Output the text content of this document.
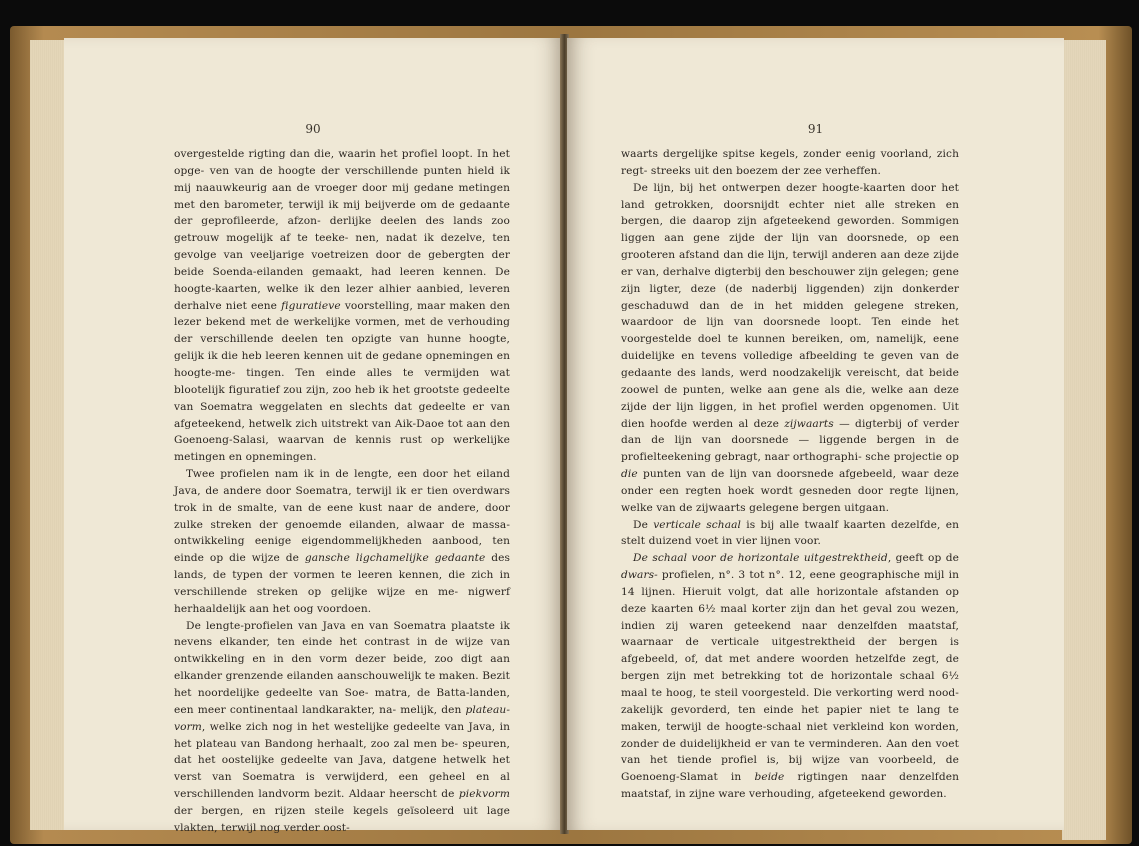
90

overgestelde rigting dan die, waarin het profiel loopt. In het opge- ven van de hoogte der verschillende punten hield ik mij naauwkeurig aan de vroeger door mij gedane metingen met den barometer, terwijl ik mij beijverde om de gedaante der geprofileerde, afzon- derlijke deelen des lands zoo getrouw mogelijk af te teeke- nen, nadat ik dezelve, ten gevolge van veeljarige voetreizen door de gebergten der beide Soenda-eilanden gemaakt, had leeren kennen. De hoogte-kaarten, welke ik den lezer alhier aanbied, leveren derhalve niet eene figuratieve voorstelling, maar maken den lezer bekend met de werkelijke vormen, met de verhouding der verschillende deelen ten opzigte van hunne hoogte, gelijk ik die heb leeren kennen uit de gedane opnemingen en hoogte-me- tingen. Ten einde alles te vermijden wat blootelijk figuratief zou zijn, zoo heb ik het grootste gedeelte van Soematra weggelaten en slechts dat gedeelte er van afgeteekend, hetwelk zich uitstrekt van Aik-Daoe tot aan den Goenoeng-Salasi, waarvan de kennis rust op werkelijke metingen en opnemingen.

Twee profielen nam ik in de lengte, een door het eiland Java, de andere door Soematra, terwijl ik er tien overdwars trok in de smalte, van de eene kust naar de andere, door zulke streken der genoemde eilanden, alwaar de massa-ontwikkeling eenige eigendommelijkheden aanbood, ten einde op die wijze de gansche ligchamelijke gedaante des lands, de typen der vormen te leeren kennen, die zich in verschillende streken op gelijke wijze en me- nigwerf herhaaldelijk aan het oog voordoen.

De lengte-profielen van Java en van Soematra plaatste ik nevens elkander, ten einde het contrast in de wijze van ontwikkeling en in den vorm dezer beide, zoo digt aan elkander grenzende eilanden aanschouwelijk te maken. Bezit het noordelijke gedeelte van Soe- matra, de Batta-landen, een meer continentaal landkarakter, na- melijk, den plateau-vorm, welke zich nog in het westelijke gedeelte van Java, in het plateau van Bandong herhaalt, zoo zal men be- speuren, dat het oostelijke gedeelte van Java, datgene hetwelk het verst van Soematra is verwijderd, een geheel en al verschillenden landvorm bezit. Aldaar heerscht de piekvorm der bergen, en rijzen steile kegels geïsoleerd uit lage vlakten, terwijl nog verder oost-

91

waarts dergelijke spitse kegels, zonder eenig voorland, zich regt- streeks uit den boezem der zee verheffen.

De lijn, bij het ontwerpen dezer hoogte-kaarten door het land getrokken, doorsnijdt echter niet alle streken en bergen, die daarop zijn afgeteekend geworden. Sommigen liggen aan gene zijde der lijn van doorsnede, op een grooteren afstand dan die lijn, terwijl anderen aan deze zijde er van, derhalve digterbij den beschouwer zijn gelegen; gene zijn ligter, deze (de naderbij liggenden) zijn donkerder geschaduwd dan de in het midden gelegene streken, waardoor de lijn van doorsnede loopt. Ten einde het voorgestelde doel te kunnen bereiken, om, namelijk, eene duidelijke en tevens volledige afbeelding te geven van de gedaante des lands, werd noodzakelijk vereischt, dat beide zoowel de punten, welke aan gene als die, welke aan deze zijde der lijn liggen, in het profiel werden opgenomen. Uit dien hoofde werden al deze zijwaarts — digterbij of verder dan de lijn van doorsnede — liggende bergen in de profielteekening gebragt, naar orthographi- sche projectie op die punten van de lijn van doorsnede afgebeeld, waar deze onder een regten hoek wordt gesneden door regte lijnen, welke van de zijwaarts gelegene bergen uitgaan.

De verticale schaal is bij alle twaalf kaarten dezelfde, en stelt duizend voet in vier lijnen voor.

De schaal voor de horizontale uitgestrektheid, geeft op de dwars- profielen, n°. 3 tot n°. 12, eene geographische mijl in 14 lijnen. Hieruit volgt, dat alle horizontale afstanden op deze kaarten 6½ maal korter zijn dan het geval zou wezen, indien zij waren geteekend naar denzelfden maatstaf, waarnaar de verticale uitgestrektheid der bergen is afgebeeld, of, dat met andere woorden hetzelfde zegt, de bergen zijn met betrekking tot de horizontale schaal 6½ maal te hoog, te steil voorgesteld. Die verkorting werd nood- zakelijk gevorderd, ten einde het papier niet te lang te maken, terwijl de hoogte-schaal niet verkleind kon worden, zonder de duidelijkheid er van te verminderen. Aan den voet van het tiende profiel is, bij wijze van voorbeeld, de Goenoeng-Slamat in beide rigtingen naar denzelfden maatstaf, in zijne ware verhouding, afgeteekend geworden.
